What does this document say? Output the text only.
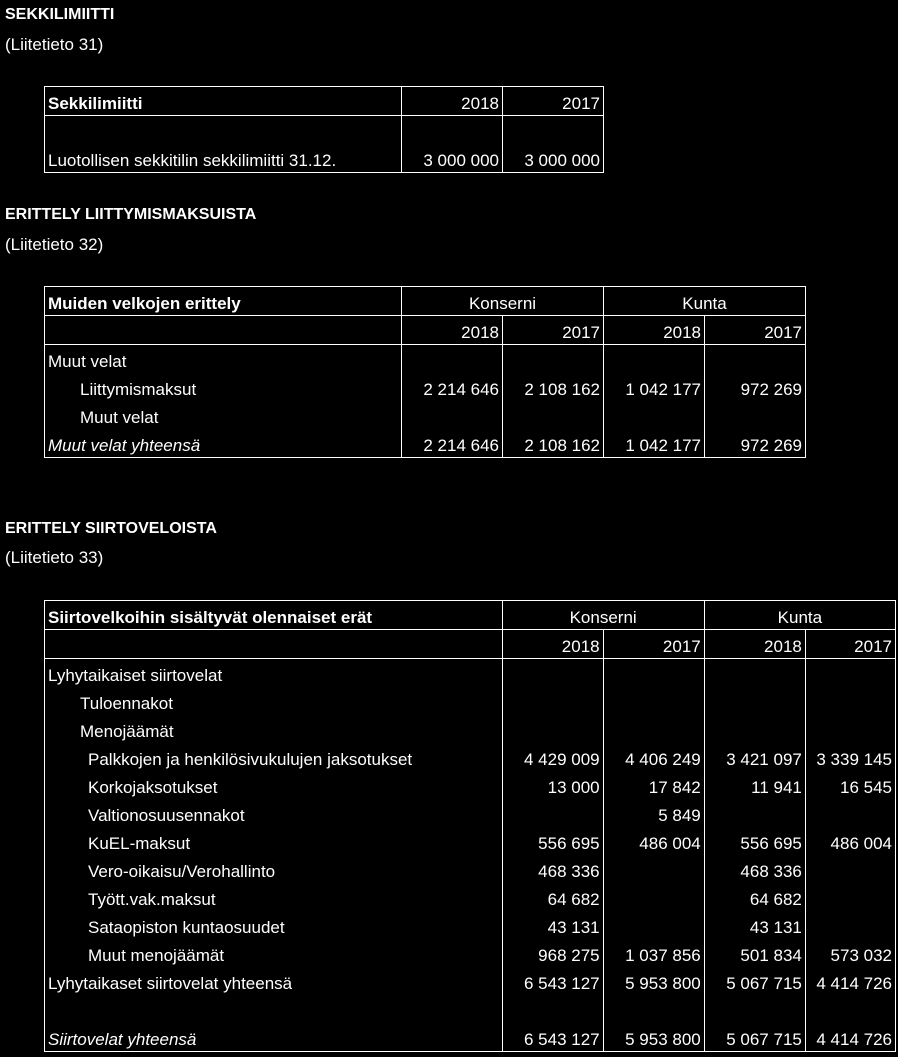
SEKKILIMIITTI
(Liitetieto 31)
Sekkilimiitti	2018	2017

Luotollisen sekkitilin sekkilimiitti 31.12.	3 000 000	3 000 000
ERITTELY LIITTYMISMAKSUISTA
(Liitetieto 32)
Muiden velkojen erittely	Konserni		Kunta	
	2018	2017	2018	2017
Muut velat				
Liittymismaksut	2 214 646	2 108 162	1 042 177	972 269
Muut velat				
Muut velat yhteensä	2 214 646	2 108 162	1 042 177	972 269
ERITTELY SIIRTOVELOISTA
(Liitetieto 33)
Siirtovelkoihin sisältyvät olennaiset erät	Konserni		Kunta	
	2018	2017	2018	2017
Lyhytaikaiset siirtovelat				
Tuloennakot				
Menojäämät				
Palkkojen ja henkilösivukulujen jaksotukset	4 429 009	4 406 249	3 421 097	3 339 145
Korkojaksotukset	13 000	17 842	11 941	16 545
Valtionosuusennakot		5 849		
KuEL-maksut	556 695	486 004	556 695	486 004
Vero-oikaisu/Verohallinto	468 336		468 336	
Tyött.vak.maksut	64 682		64 682	
Sataopiston kuntaosuudet	43 131		43 131	
Muut menojäämät	968 275	1 037 856	501 834	573 032
Lyhytaikaset siirtovelat yhteensä	6 543 127	5 953 800	5 067 715	4 414 726

Siirtovelat yhteensä	6 543 127	5 953 800	5 067 715	4 414 726
